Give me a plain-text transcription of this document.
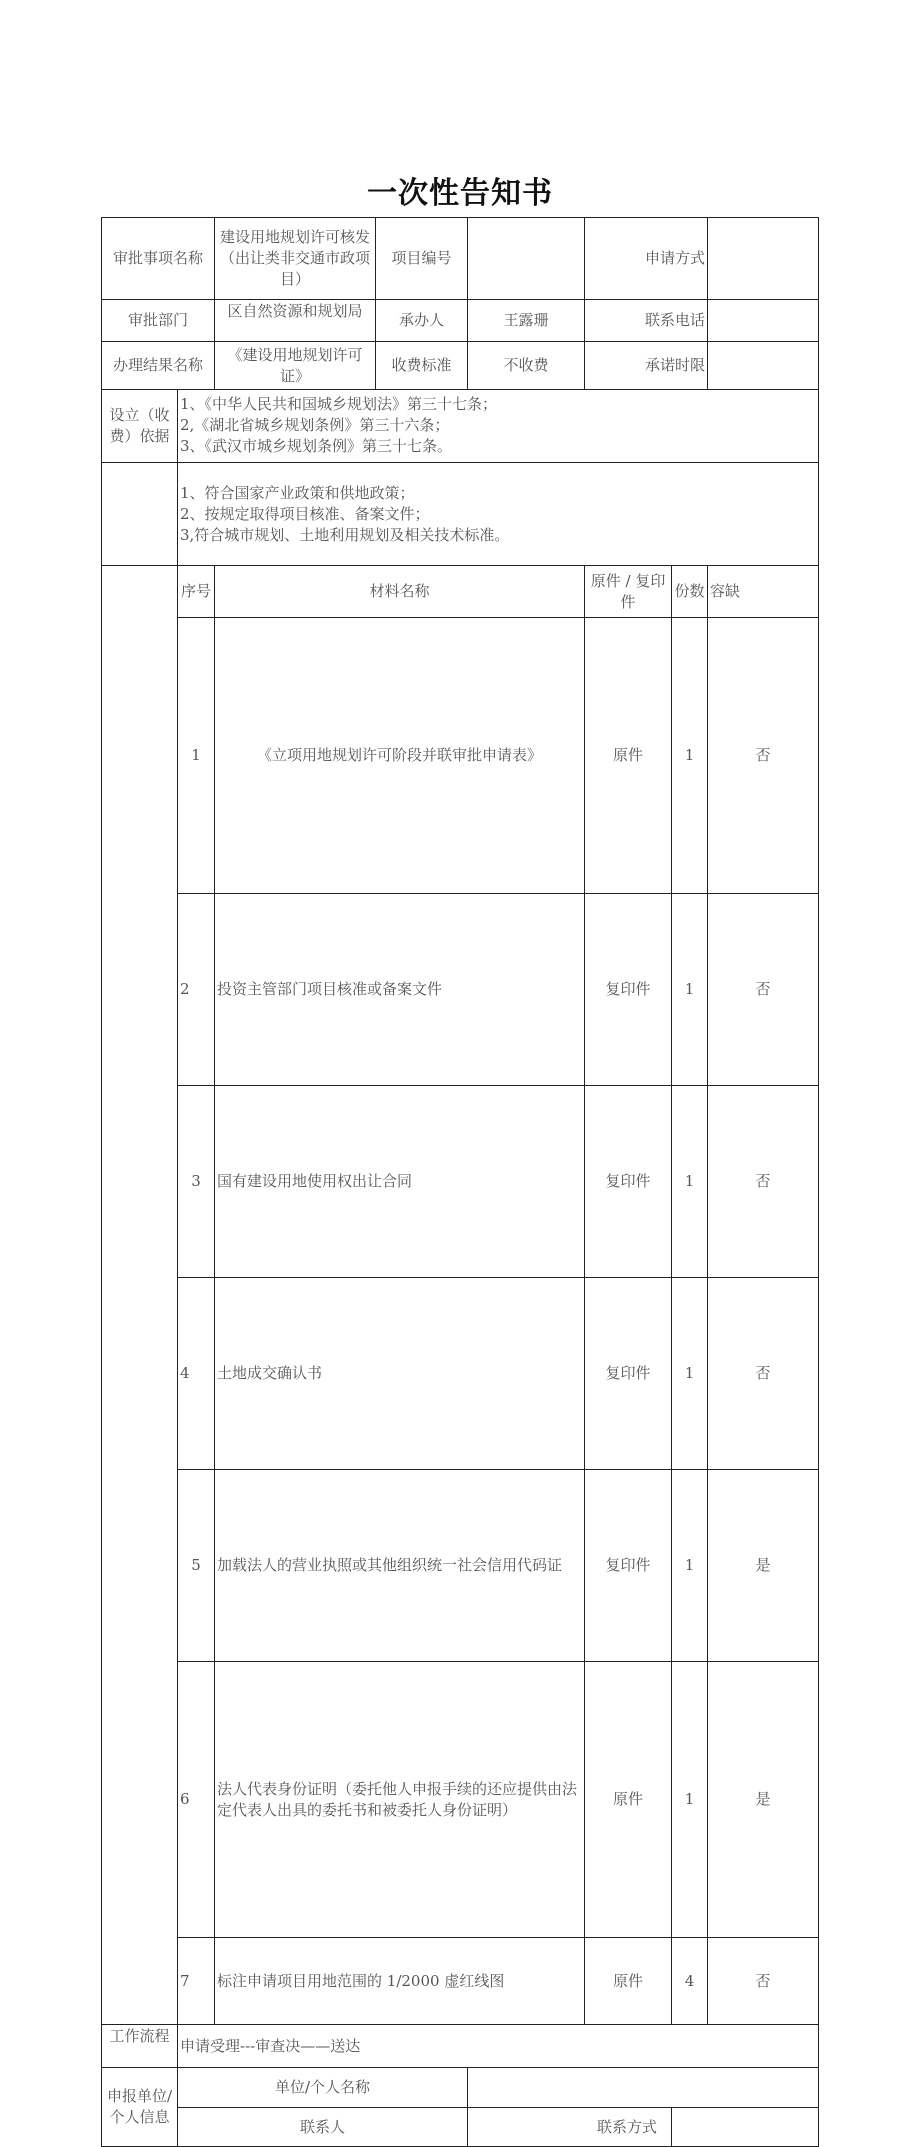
一次性告知书
审批事项名称		建设用地规划许可核发（出让类非交通市政项目）	项目编号		申请方式			
审批部门		区自然资源和规划局	承办人	王露珊	联系电话			
办理结果名称		《建设用地规划许可证》	收费标准	不收费	承诺时限			
设立（收费）依据	1、《中华人民共和国城乡规划法》第三十七条；
2,《湖北省城乡规划条例》第三十六条；
3、《武汉市城乡规划条例》第三十七条。							

	1、符合国家产业政策和供地政策；
2、按规定取得项目核准、备案文件；
3,符合城市规划、土地利用规划及相关技术标准。							

	序号	材料名称			原件 / 复印件	份数	容缺	
	1	《立项用地规划许可阶段并联审批申请表》			原件	1	否	
	2	投资主管部门项目核准或备案文件			复印件	1	否	
	3	国有建设用地使用权出让合同			复印件	1	否	
	4	土地成交确认书			复印件	1	否	
	5	加载法人的营业执照或其他组织统一社会信用代码证			复印件	1	是	
	6	法人代表身份证明（委托他人申报手续的还应提供由法定代表人出具的委托书和被委托人身份证明）			原件	1	是	
	7	标注申请项目用地范围的 1/2000 虚红线图			原件	4	否	
工作流程	申请受理---审查决——送达							
申报单位/个人信息	单位/个人名称							
	联系人			联系方式				
